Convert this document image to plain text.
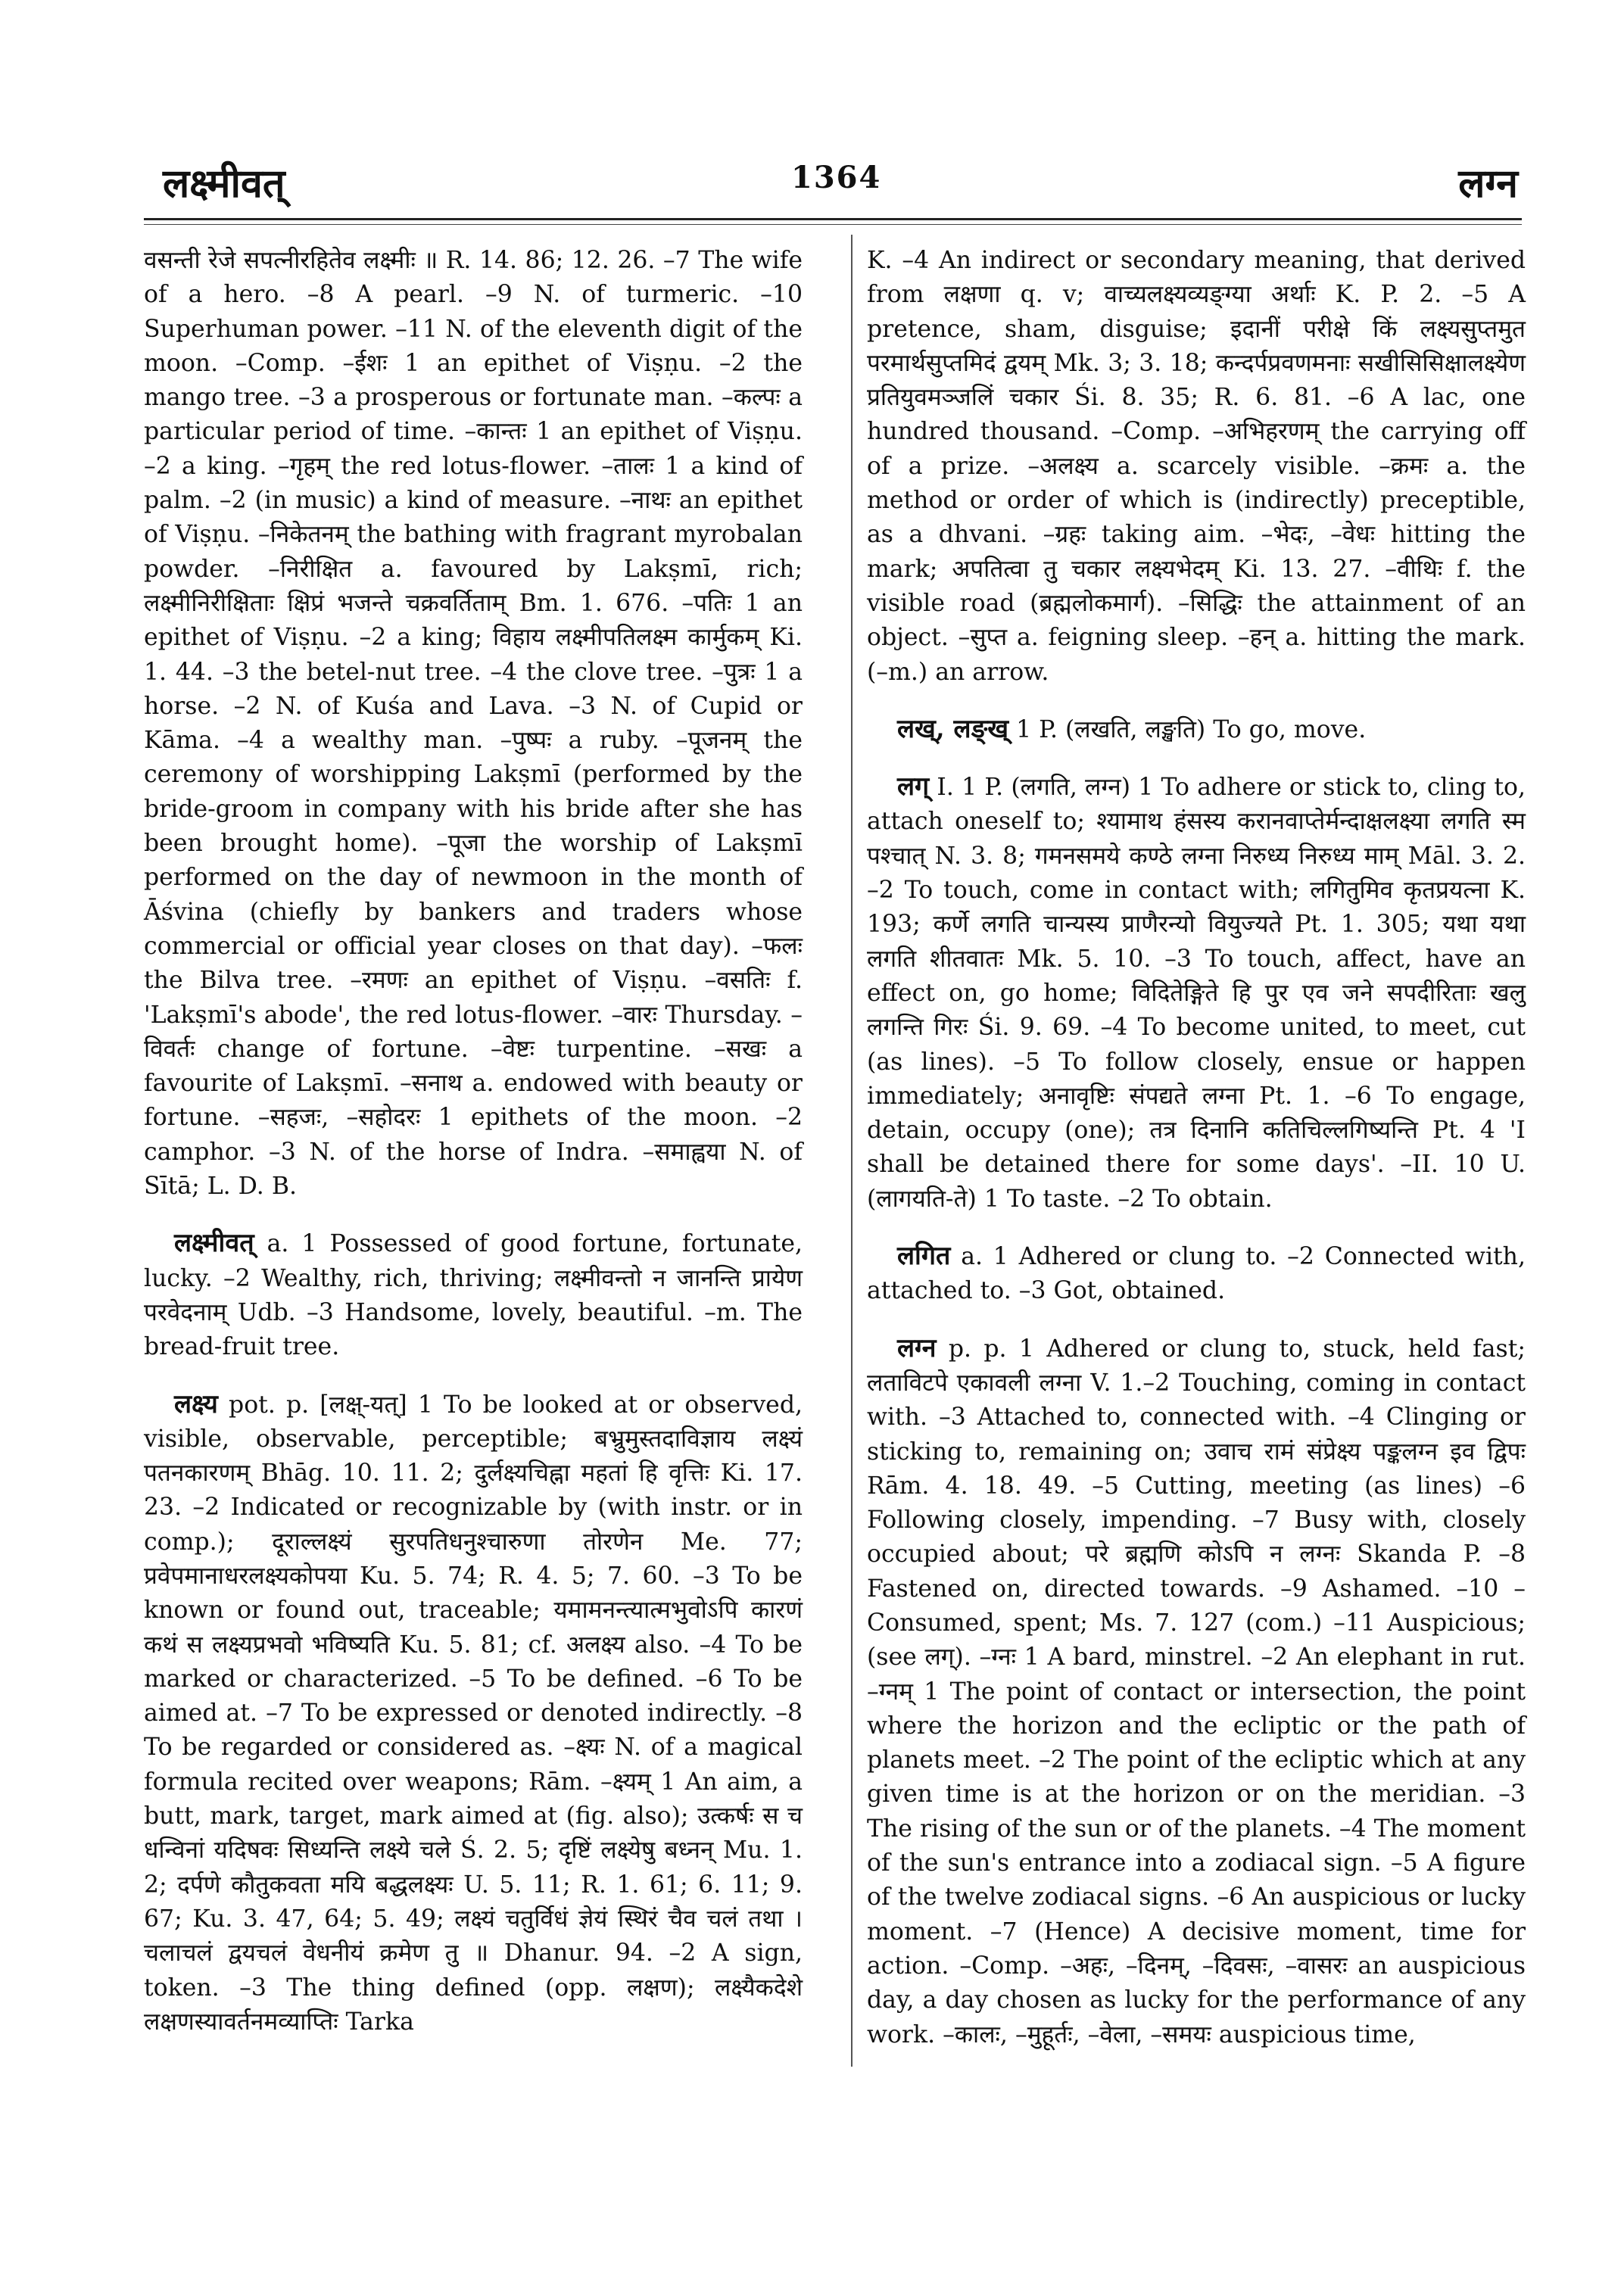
लक्ष्मीवत्	1364	लग्न

वसन्ती रेजे सपत्नीरहितेव लक्ष्मीः ॥ R. 14. 86; 12. 26. –7 The wife of a hero. –8 A pearl. –9 N. of turmeric. –10 Superhuman power. –11 N. of the eleventh digit of the moon. –Comp. –ईशः 1 an epithet of Viṣṇu. –2 the mango tree. –3 a prosperous or fortunate man. –कल्पः a particular period of time. –कान्तः 1 an epithet of Viṣṇu. –2 a king. –गृहम् the red lotus-flower. –तालः 1 a kind of palm. –2 (in music) a kind of measure. –नाथः an epithet of Viṣṇu. –निकेतनम् the bathing with fragrant myrobalan powder. –निरीक्षित a. favoured by Lakṣmī, rich; लक्ष्मीनिरीक्षिताः क्षिप्रं भजन्ते चक्रवर्तिताम् Bm. 1. 676. –पतिः 1 an epithet of Viṣṇu. –2 a king; विहाय लक्ष्मीपतिलक्ष्म कार्मुकम् Ki. 1. 44. –3 the betel-nut tree. –4 the clove tree. –पुत्रः 1 a horse. –2 N. of Kuśa and Lava. –3 N. of Cupid or Kāma. –4 a wealthy man. –पुष्पः a ruby. –पूजनम् the ceremony of worshipping Lakṣmī (performed by the bride-groom in company with his bride after she has been brought home). –पूजा the worship of Lakṣmī performed on the day of newmoon in the month of Āśvina (chiefly by bankers and traders whose commercial or official year closes on that day). –फलः the Bilva tree. –रमणः an epithet of Viṣṇu. –वसतिः f. 'Lakṣmī's abode', the red lotus-flower. –वारः Thursday. –विवर्तः change of fortune. –वेष्टः turpentine. –सखः a favourite of Lakṣmī. –सनाथ a. endowed with beauty or fortune. –सहजः, –सहोदरः 1 epithets of the moon. –2 camphor. –3 N. of the horse of Indra. –समाह्वया N. of Sītā; L. D. B.

लक्ष्मीवत् a. 1 Possessed of good fortune, fortunate, lucky. –2 Wealthy, rich, thriving; लक्ष्मीवन्तो न जानन्ति प्रायेण परवेदनाम् Udb. –3 Handsome, lovely, beautiful. –m. The bread-fruit tree.

लक्ष्य pot. p. [लक्ष्-यत्] 1 To be looked at or observed, visible, observable, perceptible; बभ्रुमुस्तदाविज्ञाय लक्ष्यं पतनकारणम् Bhāg. 10. 11. 2; दुर्लक्ष्यचिह्ना महतां हि वृत्तिः Ki. 17. 23. –2 Indicated or recognizable by (with instr. or in comp.); दूराल्लक्ष्यं सुरपतिधनुश्चारुणा तोरणेन Me. 77; प्रवेपमानाधरलक्ष्यकोपया Ku. 5. 74; R. 4. 5; 7. 60. –3 To be known or found out, traceable; यमामनन्त्यात्मभुवोऽपि कारणं कथं स लक्ष्यप्रभवो भविष्यति Ku. 5. 81; cf. अलक्ष्य also. –4 To be marked or characterized. –5 To be defined. –6 To be aimed at. –7 To be expressed or denoted indirectly. –8 To be regarded or considered as. –क्ष्यः N. of a magical formula recited over weapons; Rām. –क्ष्यम् 1 An aim, a butt, mark, target, mark aimed at (fig. also); उत्कर्षः स च धन्विनां यदिषवः सिध्यन्ति लक्ष्ये चले Ś. 2. 5; दृष्टिं लक्ष्येषु बध्नन् Mu. 1. 2; दर्पणे कौतुकवता मयि बद्धलक्ष्यः U. 5. 11; R. 1. 61; 6. 11; 9. 67; Ku. 3. 47, 64; 5. 49; लक्ष्यं चतुर्विधं ज्ञेयं स्थिरं चैव चलं तथा । चलाचलं द्वयचलं वेधनीयं क्रमेण तु ॥ Dhanur. 94. –2 A sign, token. –3 The thing defined (opp. लक्षण); लक्ष्यैकदेशे लक्षणस्यावर्तनमव्याप्तिः Tarka

K. –4 An indirect or secondary meaning, that derived from लक्षणा q. v; वाच्यलक्ष्यव्यङ्ग्या अर्थाः K. P. 2. –5 A pretence, sham, disguise; इदानीं परीक्षे किं लक्ष्यसुप्तमुत परमार्थसुप्तमिदं द्वयम् Mk. 3; 3. 18; कन्दर्पप्रवणमनाः सखीसिसिक्षालक्ष्येण प्रतियुवमञ्जलिं चकार Śi. 8. 35; R. 6. 81. –6 A lac, one hundred thousand. –Comp. –अभिहरणम् the carrying off of a prize. –अलक्ष्य a. scarcely visible. –क्रमः a. the method or order of which is (indirectly) preceptible, as a dhvani. –ग्रहः taking aim. –भेदः, –वेधः hitting the mark; अपतित्वा तु चकार लक्ष्यभेदम् Ki. 13. 27. –वीथिः f. the visible road (ब्रह्मलोकमार्ग). –सिद्धिः the attainment of an object. –सुप्त a. feigning sleep. –हन् a. hitting the mark. (–m.) an arrow.

लख्, लङ्ख् 1 P. (लखति, लङ्खति) To go, move.

लग् I. 1 P. (लगति, लग्न) 1 To adhere or stick to, cling to, attach oneself to; श्यामाथ हंसस्य करानवाप्तेर्मन्दाक्षलक्ष्या लगति स्म पश्चात् N. 3. 8; गमनसमये कण्ठे लग्ना निरुध्य निरुध्य माम् Māl. 3. 2. –2 To touch, come in contact with; लगितुमिव कृतप्रयत्ना K. 193; कर्णे लगति चान्यस्य प्राणैरन्यो वियुज्यते Pt. 1. 305; यथा यथा लगति शीतवातः Mk. 5. 10. –3 To touch, affect, have an effect on, go home; विदितेङ्गिते हि पुर एव जने सपदीरिताः खलु लगन्ति गिरः Śi. 9. 69. –4 To become united, to meet, cut (as lines). –5 To follow closely, ensue or happen immediately; अनावृष्टिः संपद्यते लग्ना Pt. 1. –6 To engage, detain, occupy (one); तत्र दिनानि कतिचिल्लगिष्यन्ति Pt. 4 'I shall be detained there for some days'. –II. 10 U. (लागयति-ते) 1 To taste. –2 To obtain.

लगित a. 1 Adhered or clung to. –2 Connected with, attached to. –3 Got, obtained.

लग्न p. p. 1 Adhered or clung to, stuck, held fast; लताविटपे एकावली लग्ना V. 1.–2 Touching, coming in contact with. –3 Attached to, connected with. –4 Clinging or sticking to, remaining on; उवाच रामं संप्रेक्ष्य पङ्कलग्न इव द्विपः Rām. 4. 18. 49. –5 Cutting, meeting (as lines) –6 Following closely, impending. –7 Busy with, closely occupied about; परे ब्रह्मणि कोऽपि न लग्नः Skanda P. –8 Fastened on, directed towards. –9 Ashamed. –10 –Consumed, spent; Ms. 7. 127 (com.) –11 Auspicious; (see लग्). –ग्नः 1 A bard, minstrel. –2 An elephant in rut. –ग्नम् 1 The point of contact or intersection, the point where the horizon and the ecliptic or the path of planets meet. –2 The point of the ecliptic which at any given time is at the horizon or on the meridian. –3 The rising of the sun or of the planets. –4 The moment of the sun's entrance into a zodiacal sign. –5 A figure of the twelve zodiacal signs. –6 An auspicious or lucky moment. –7 (Hence) A decisive moment, time for action. –Comp. –अहः, –दिनम्, –दिवसः, –वासरः an auspicious day, a day chosen as lucky for the performance of any work. –कालः, –मुहूर्तः, –वेला, –समयः auspicious time,
